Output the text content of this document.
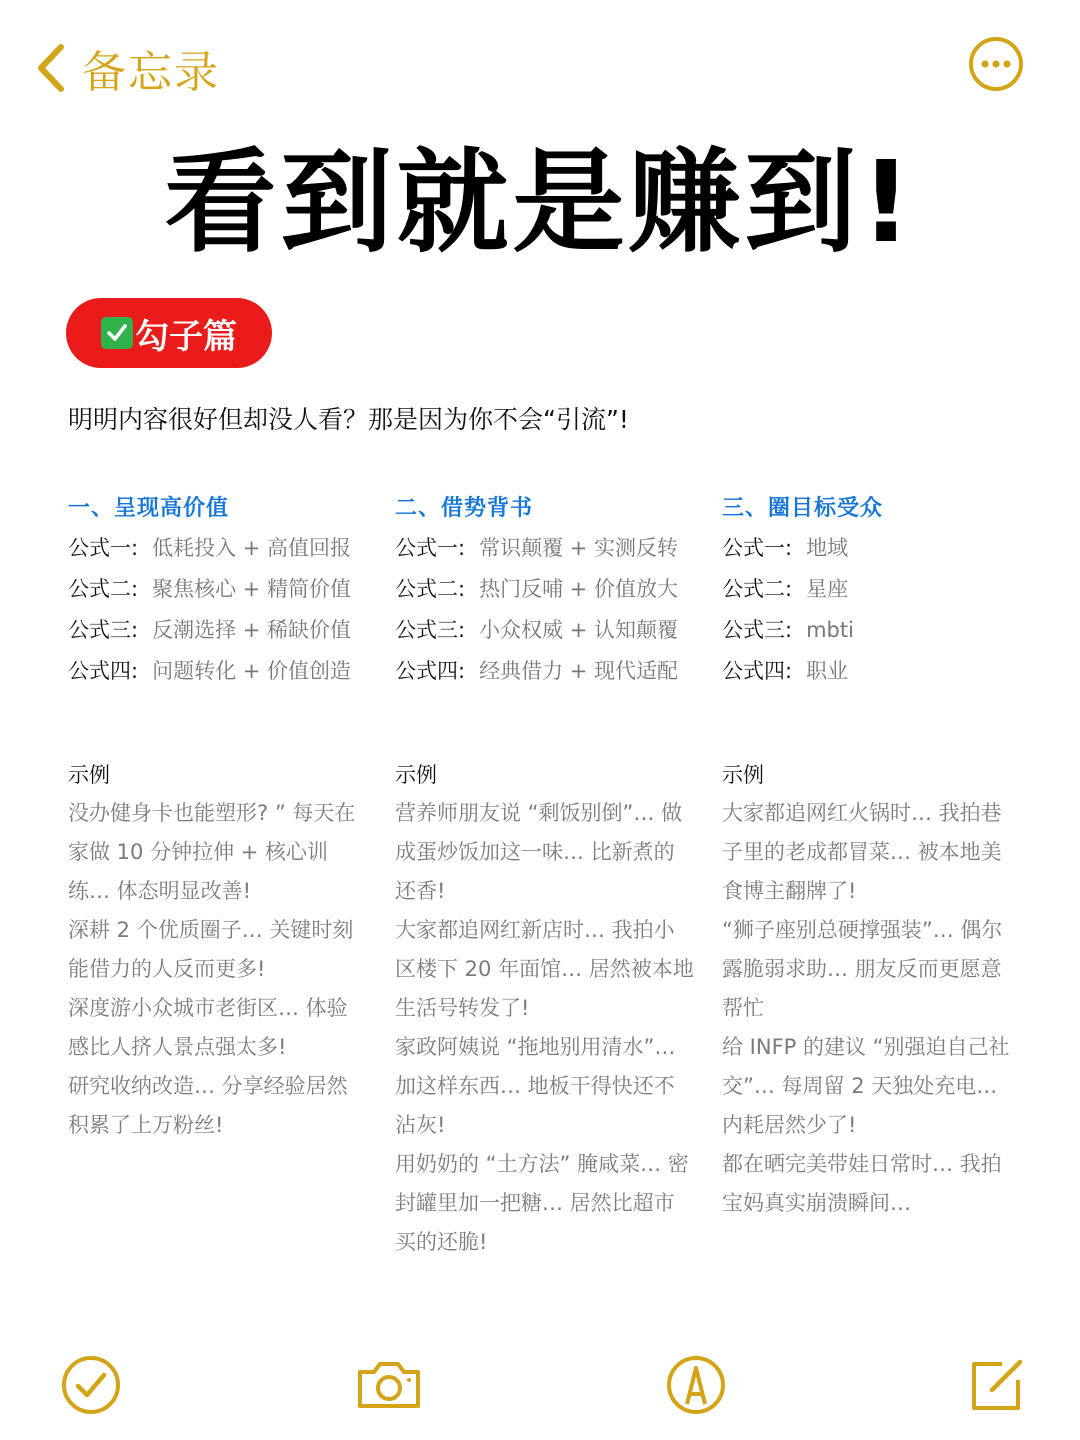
备忘录
看到就是赚到!
勾子篇
明明内容很好但却没人看？那是因为你不会“引流”!
一、呈现高价值
公式一: 低耗投入 + 高值回报
公式二: 聚焦核心 + 精简价值
公式三: 反潮选择 + 稀缺价值
公式四: 问题转化 + 价值创造
二、借势背书
公式一: 常识颠覆 + 实测反转
公式二: 热门反哺 + 价值放大
公式三: 小众权威 + 认知颠覆
公式四: 经典借力 + 现代适配
三、圈目标受众
公式一: 地域
公式二: 星座
公式三: mbti
公式四: 职业
示例	示例	示例
没办健身卡也能塑形? ” 每天在家做 10 分钟拉伸 + 核心训练… 体态明显改善!
深耕 2 个优质圈子… 关键时刻能借力的人反而更多!
深度游小众城市老街区… 体验感比人挤人景点强太多!
研究收纳改造… 分享经验居然积累了上万粉丝!
营养师朋友说 “剩饭别倒”… 做成蛋炒饭加这一味… 比新煮的还香!
大家都追网红新店时… 我拍小区楼下 20 年面馆… 居然被本地生活号转发了!
家政阿姨说 “拖地别用清水”… 加这样东西… 地板干得快还不沾灰!
用奶奶的 “土方法” 腌咸菜… 密封罐里加一把糖… 居然比超市买的还脆!
大家都追网红火锅时… 我拍巷子里的老成都冒菜… 被本地美食博主翻牌了!
“狮子座别总硬撑强装”… 偶尔露脆弱求助… 朋友反而更愿意帮忙
给 INFP 的建议 “别强迫自己社交”… 每周留 2 天独处充电… 内耗居然少了!
都在晒完美带娃日常时… 我拍宝妈真实崩溃瞬间…
